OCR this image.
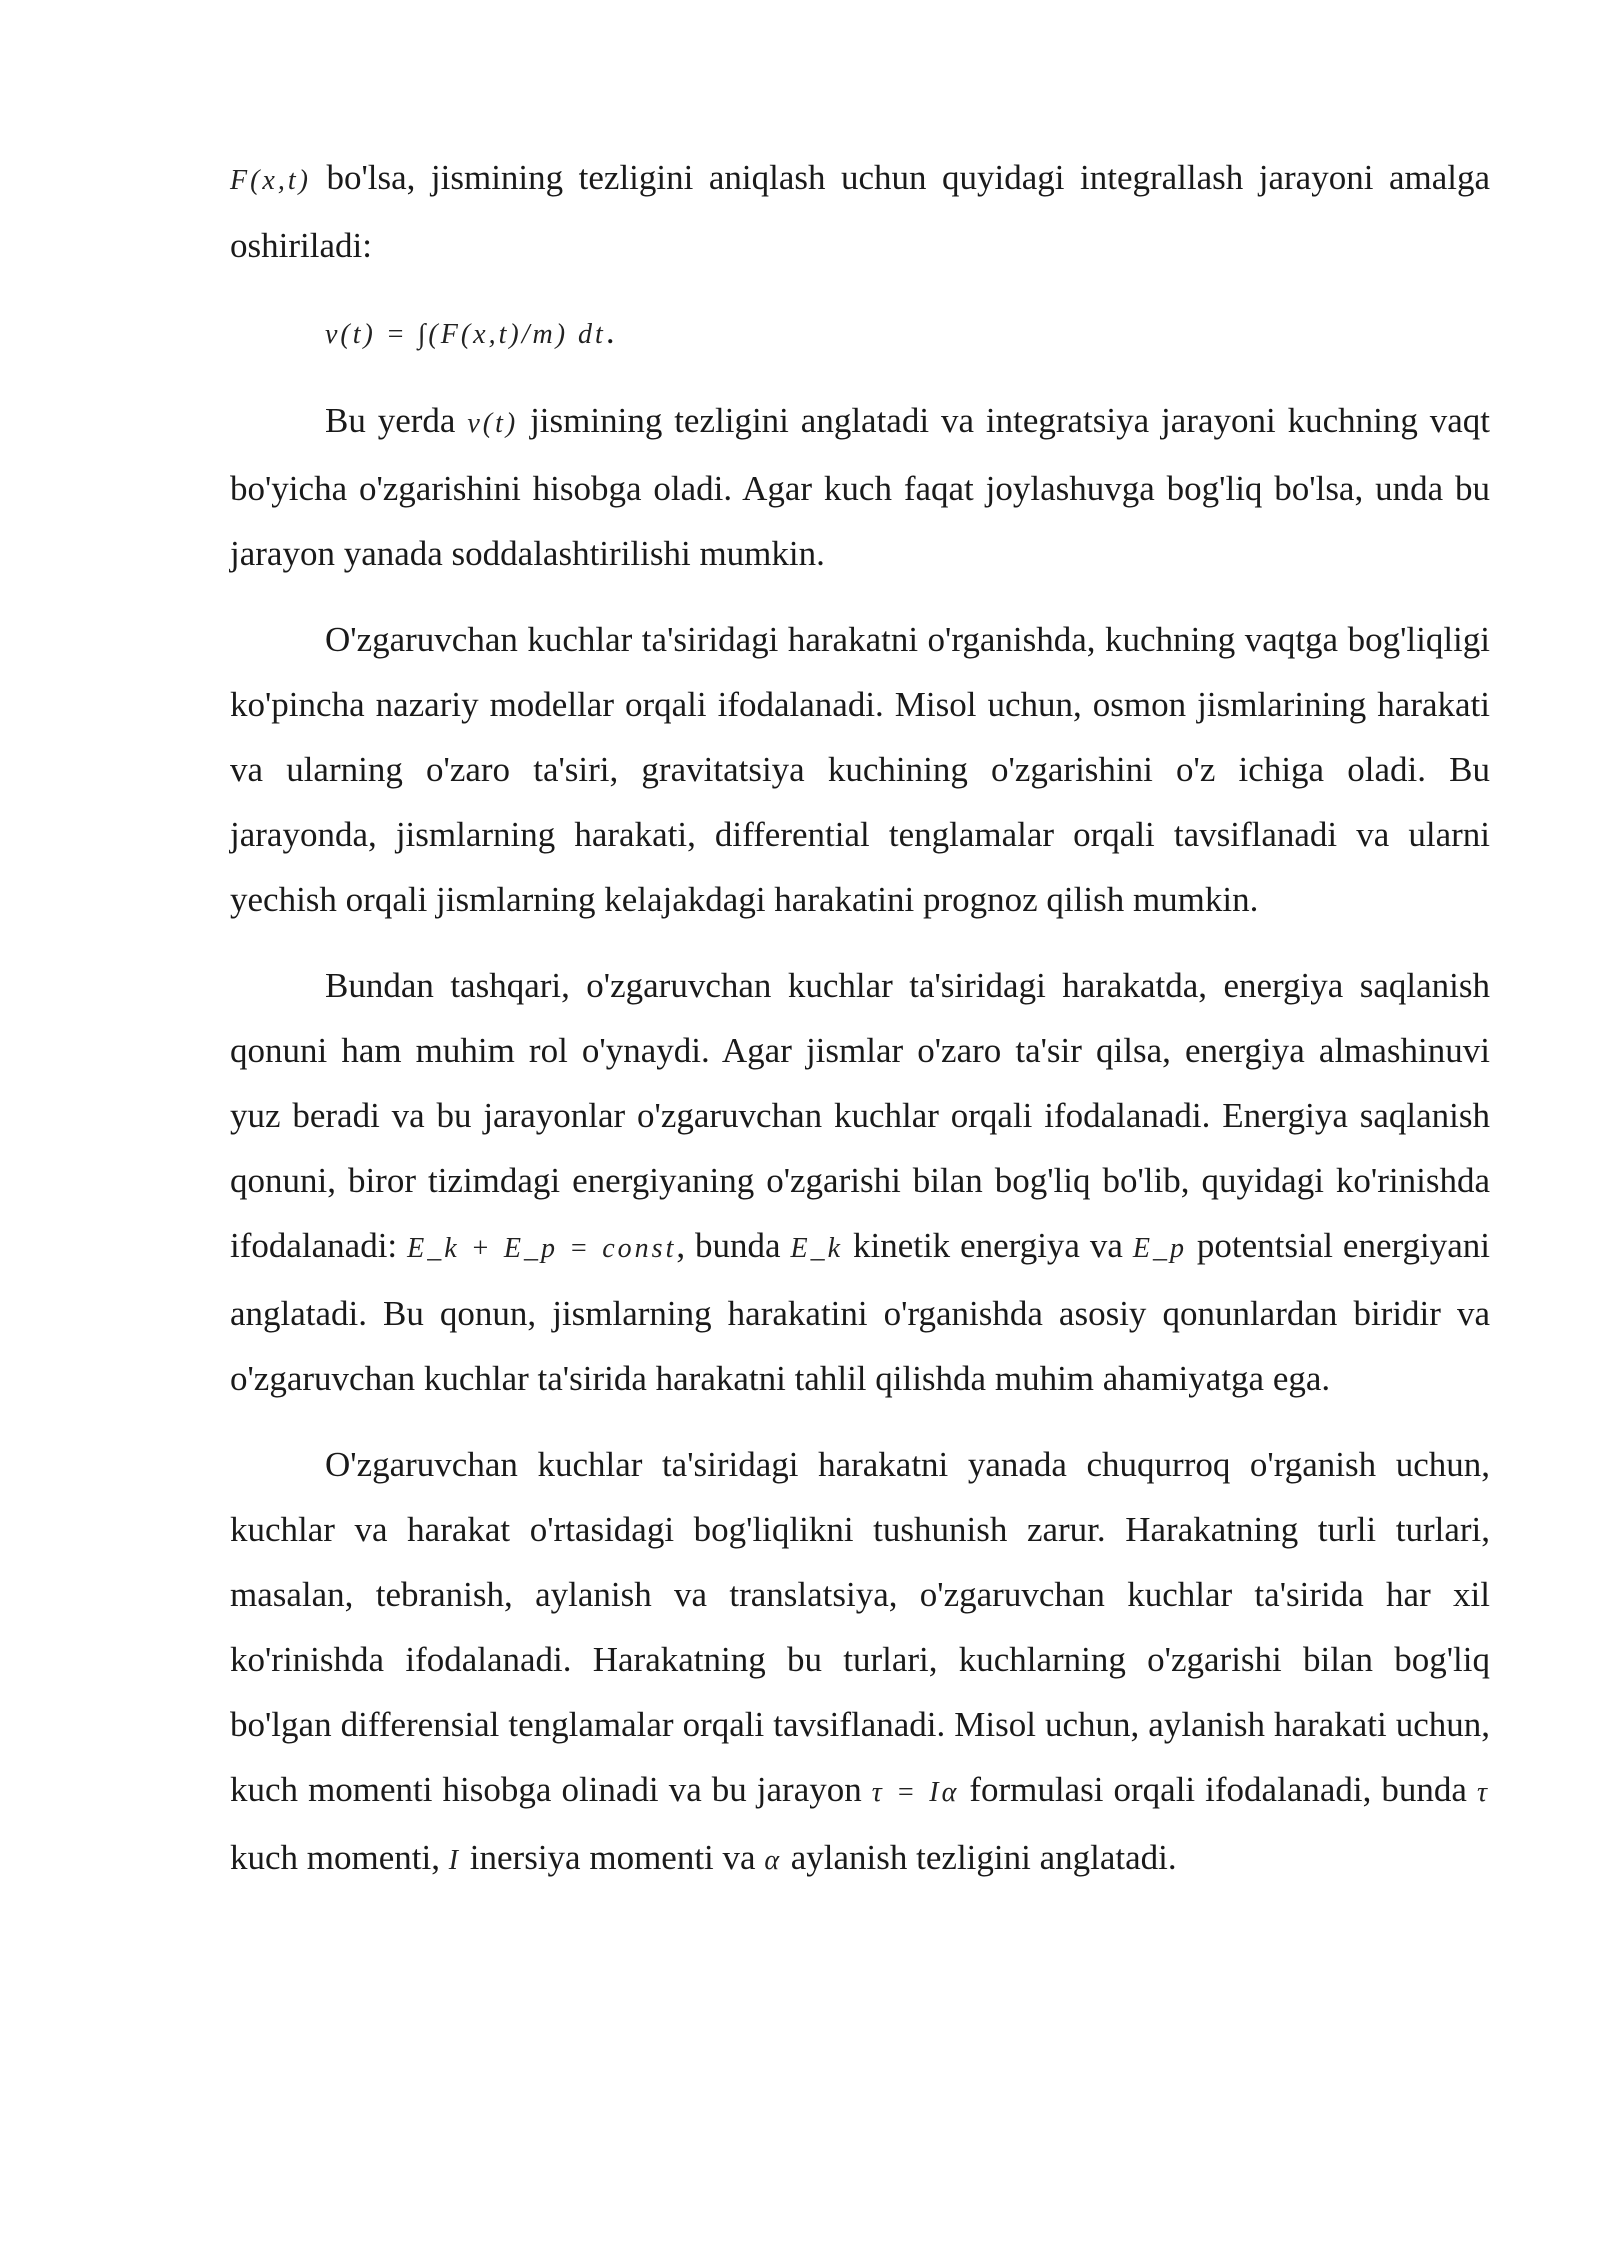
F(x,t) bo'lsa, jismining tezligini aniqlash uchun quyidagi integrallash jarayoni amalga oshiriladi:

v(t) = ∫(F(x,t)/m) dt.

Bu yerda v(t) jismining tezligini anglatadi va integratsiya jarayoni kuchning vaqt bo'yicha o'zgarishini hisobga oladi. Agar kuch faqat joylashuvga bog'liq bo'lsa, unda bu jarayon yanada soddalashtirilishi mumkin.

O'zgaruvchan kuchlar ta'siridagi harakatni o'rganishda, kuchning vaqtga bog'liqligi ko'pincha nazariy modellar orqali ifodalanadi. Misol uchun, osmon jismlarining harakati va ularning o'zaro ta'siri, gravitatsiya kuchining o'zgarishini o'z ichiga oladi. Bu jarayonda, jismlarning harakati, differential tenglamalar orqali tavsiflanadi va ularni yechish orqali jismlarning kelajakdagi harakatini prognoz qilish mumkin.

Bundan tashqari, o'zgaruvchan kuchlar ta'siridagi harakatda, energiya saqlanish qonuni ham muhim rol o'ynaydi. Agar jismlar o'zaro ta'sir qilsa, energiya almashinuvi yuz beradi va bu jarayonlar o'zgaruvchan kuchlar orqali ifodalanadi. Energiya saqlanish qonuni, biror tizimdagi energiyaning o'zgarishi bilan bog'liq bo'lib, quyidagi ko'rinishda ifodalanadi: E_k + E_p = const, bunda E_k kinetik energiya va E_p potentsial energiyani anglatadi. Bu qonun, jismlarning harakatini o'rganishda asosiy qonunlardan biridir va o'zgaruvchan kuchlar ta'sirida harakatni tahlil qilishda muhim ahamiyatga ega.

O'zgaruvchan kuchlar ta'siridagi harakatni yanada chuqurroq o'rganish uchun, kuchlar va harakat o'rtasidagi bog'liqlikni tushunish zarur. Harakatning turli turlari, masalan, tebranish, aylanish va translatsiya, o'zgaruvchan kuchlar ta'sirida har xil ko'rinishda ifodalanadi. Harakatning bu turlari, kuchlarning o'zgarishi bilan bog'liq bo'lgan differensial tenglamalar orqali tavsiflanadi. Misol uchun, aylanish harakati uchun, kuch momenti hisobga olinadi va bu jarayon τ = Iα formulasi orqali ifodalanadi, bunda τ kuch momenti, I inersiya momenti va α aylanish tezligini anglatadi.
